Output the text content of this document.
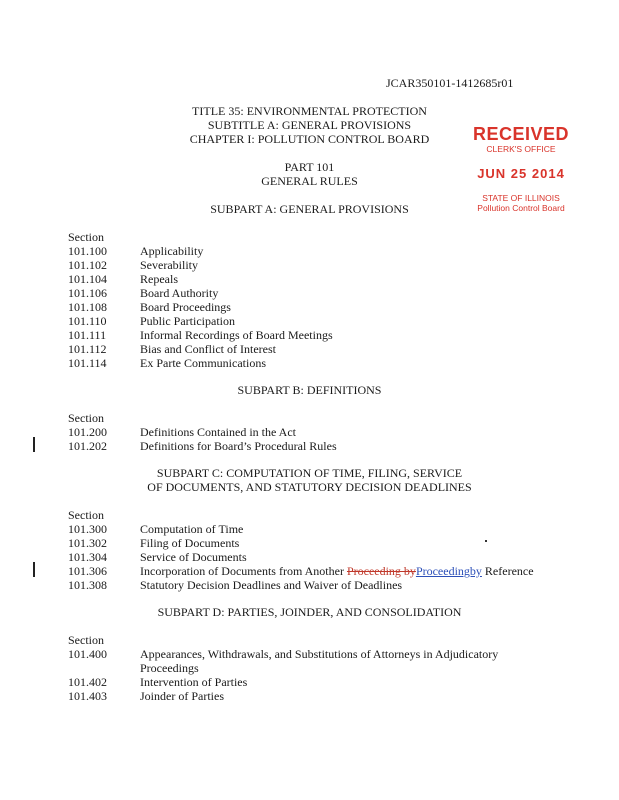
JCAR350101-1412685r01
TITLE 35: ENVIRONMENTAL PROTECTION
SUBTITLE A: GENERAL PROVISIONS
CHAPTER I: POLLUTION CONTROL BOARD
PART 101
GENERAL RULES
RECEIVED
CLERK'S OFFICE
JUN 25 2014
STATE OF ILLINOIS
Pollution Control Board
SUBPART A: GENERAL PROVISIONS
Section
101.100	Applicability
101.102	Severability
101.104	Repeals
101.106	Board Authority
101.108	Board Proceedings
101.110	Public Participation
101.111	Informal Recordings of Board Meetings
101.112	Bias and Conflict of Interest
101.114	Ex Parte Communications
SUBPART B: DEFINITIONS
Section
101.200	Definitions Contained in the Act
101.202	Definitions for Board’s Procedural Rules
SUBPART C: COMPUTATION OF TIME, FILING, SERVICE
OF DOCUMENTS, AND STATUTORY DECISION DEADLINES
Section
101.300	Computation of Time
101.302	Filing of Documents
101.304	Service of Documents
101.306	Incorporation of Documents from Another Proceeding byProceedingby Reference
101.308	Statutory Decision Deadlines and Waiver of Deadlines
SUBPART D: PARTIES, JOINDER, AND CONSOLIDATION
Section
101.400	Appearances, Withdrawals, and Substitutions of Attorneys in Adjudicatory
Proceedings
101.402	Intervention of Parties
101.403	Joinder of Parties
